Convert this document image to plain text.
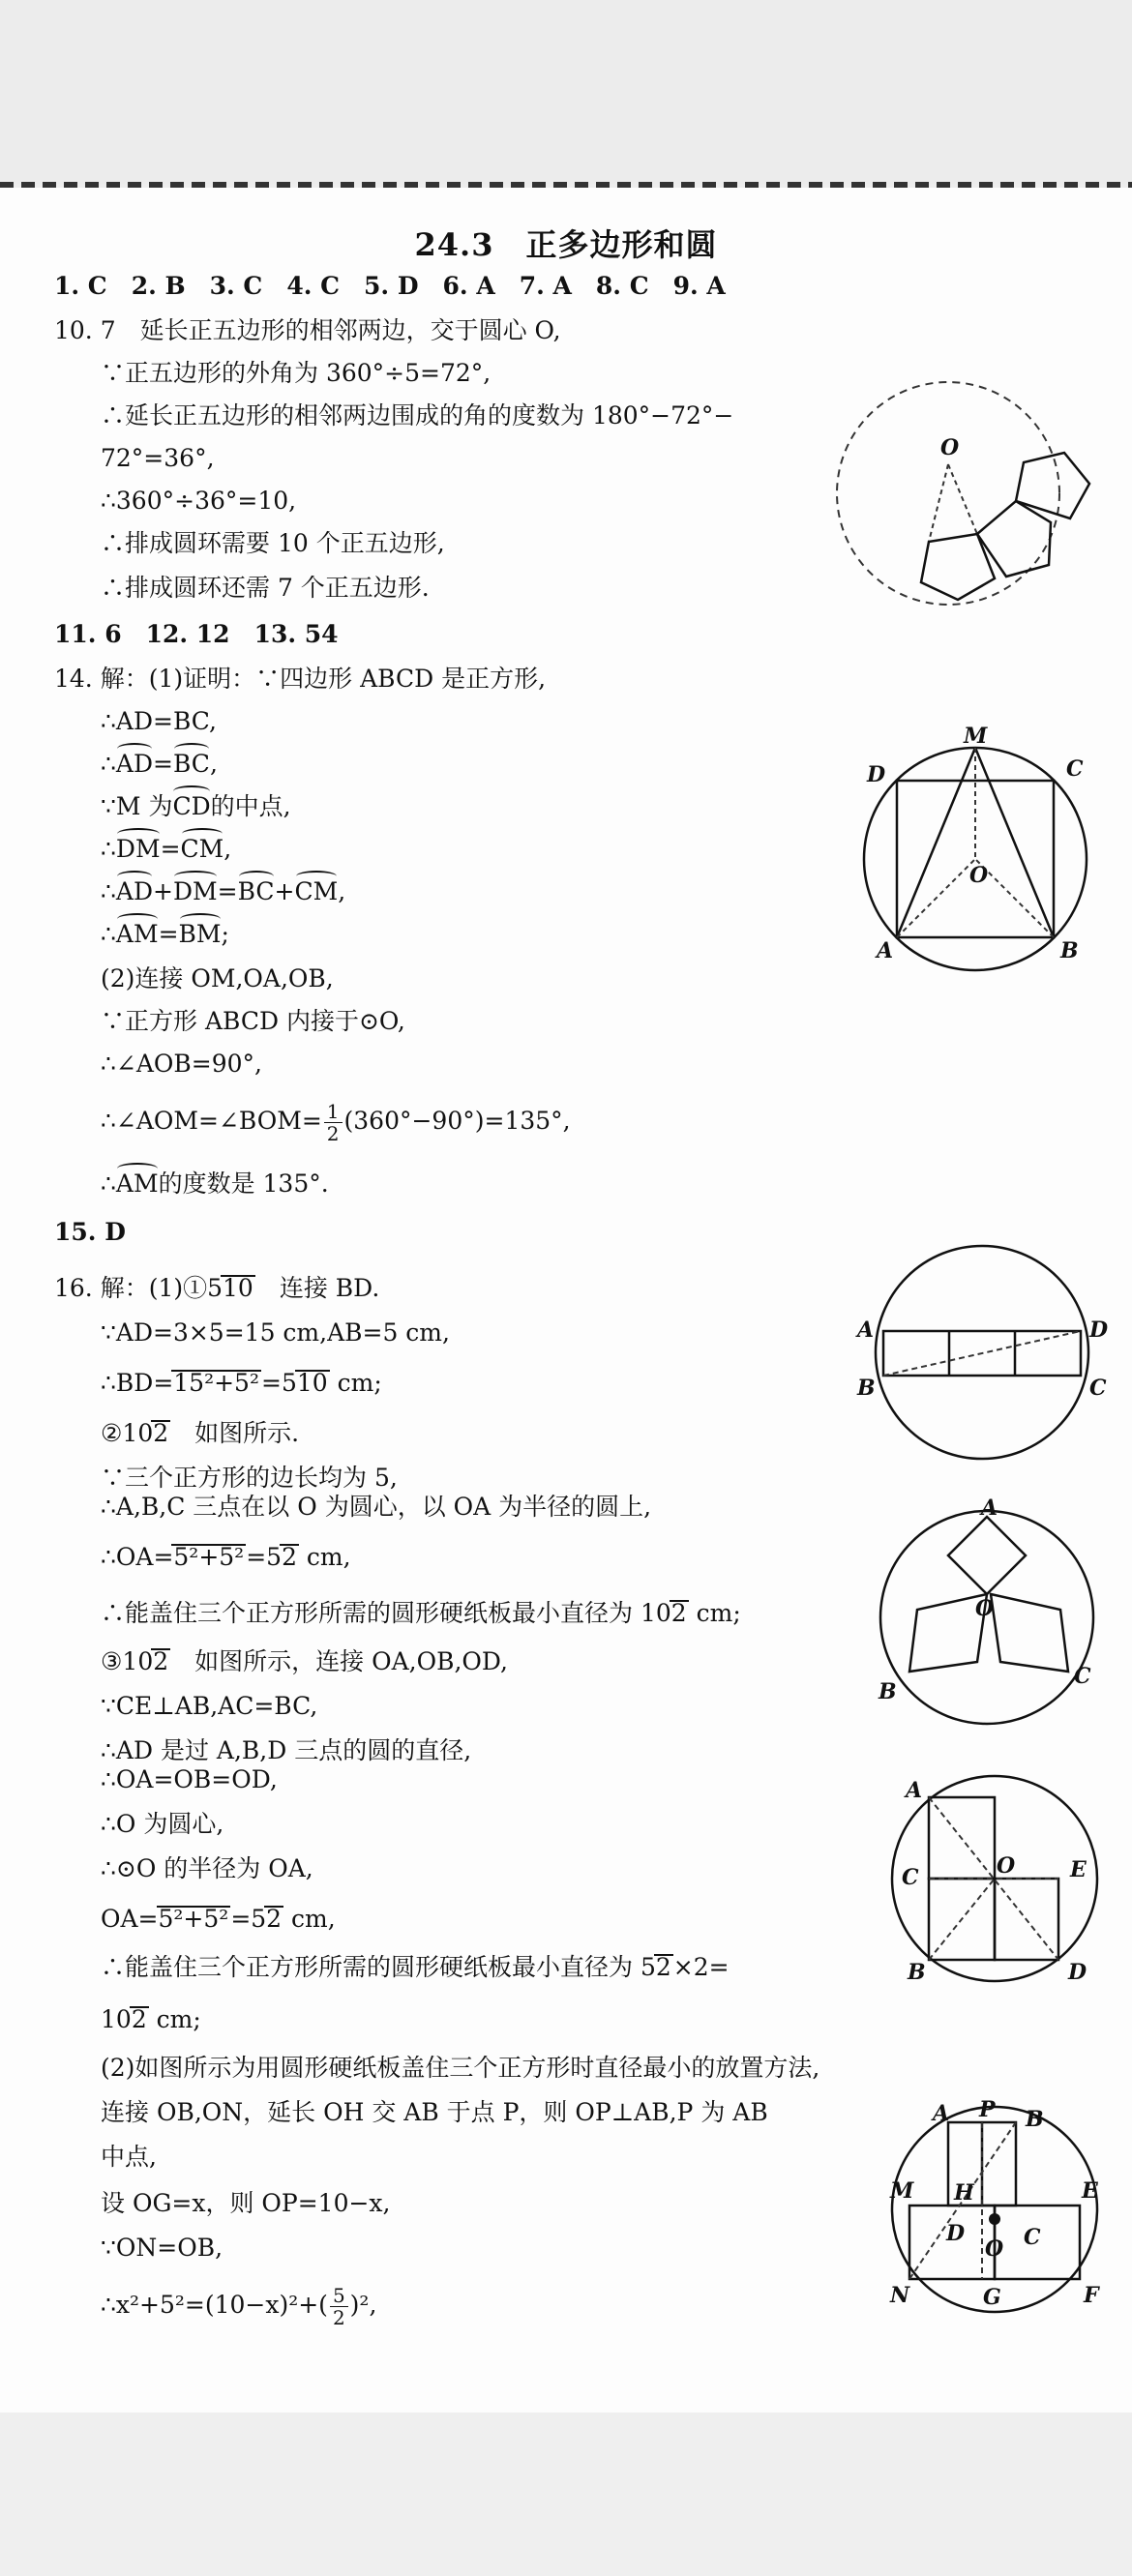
24.3　正多边形和圆
1. C　2. B　3. C　4. C　5. D　6. A　7. A　8. C　9. A
10. 7　延长正五边形的相邻两边，交于圆心 O,
∵正五边形的外角为 360°÷5=72°,
∴延长正五边形的相邻两边围成的角的度数为 180°−72°−
72°=36°,
∴360°÷36°=10,
∴排成圆环需要 10 个正五边形,
∴排成圆环还需 7 个正五边形.
O
11. 6　12. 12　13. 54
14. 解：(1)证明：∵四边形 ABCD 是正方形,
∴AD=BC,
∴AD=BC,
∵M 为CD的中点,
∴DM=CM,
∴AD+DM=BC+CM,
∴AM=BM;
(2)连接 OM,OA,OB,
∵正方形 ABCD 内接于⊙O,
∴∠AOB=90°,
∴∠AOM=∠BOM= $\frac{1}{2} (360^\circ-90^\circ)=135^\circ$,
∴AM的度数是 135°.
M
D	C
O
A	B
15. D
16. 解：(1)①510　连接 BD.
∵AD=3×5=15 cm,AB=5 cm,
∴BD=15²+5²=510 cm;
②102　如图所示.
∵三个正方形的边长均为 5,
∴A,B,C 三点在以 O 为圆心，以 OA 为半径的圆上,
∴OA=5²+5²=52 cm,
∴能盖住三个正方形所需的圆形硬纸板最小直径为 102 cm;
③102　如图所示，连接 OA,OB,OD,
∵CE⊥AB,AC=BC,
∴AD 是过 A,B,D 三点的圆的直径,
∴OA=OB=OD,
∴O 为圆心,
∴⊙O 的半径为 OA,
OA=5²+5²=52 cm,
∴能盖住三个正方形所需的圆形硬纸板最小直径为 52×2=
102 cm;
(2)如图所示为用圆形硬纸板盖住三个正方形时直径最小的放置方法,
连接 OB,ON，延长 OH 交 AB 于点 P，则 OP⊥AB,P 为 AB
中点,
设 OG=x，则 OP=10−x,
∵ON=OB,
∴x²+5²=(10−x)²+( $\frac{5}{2} )^2$,
A
B
D
C
A
O
B
C
A
C	O	E
B	D
A P B
M H	E
D	C
O
N	G	F
